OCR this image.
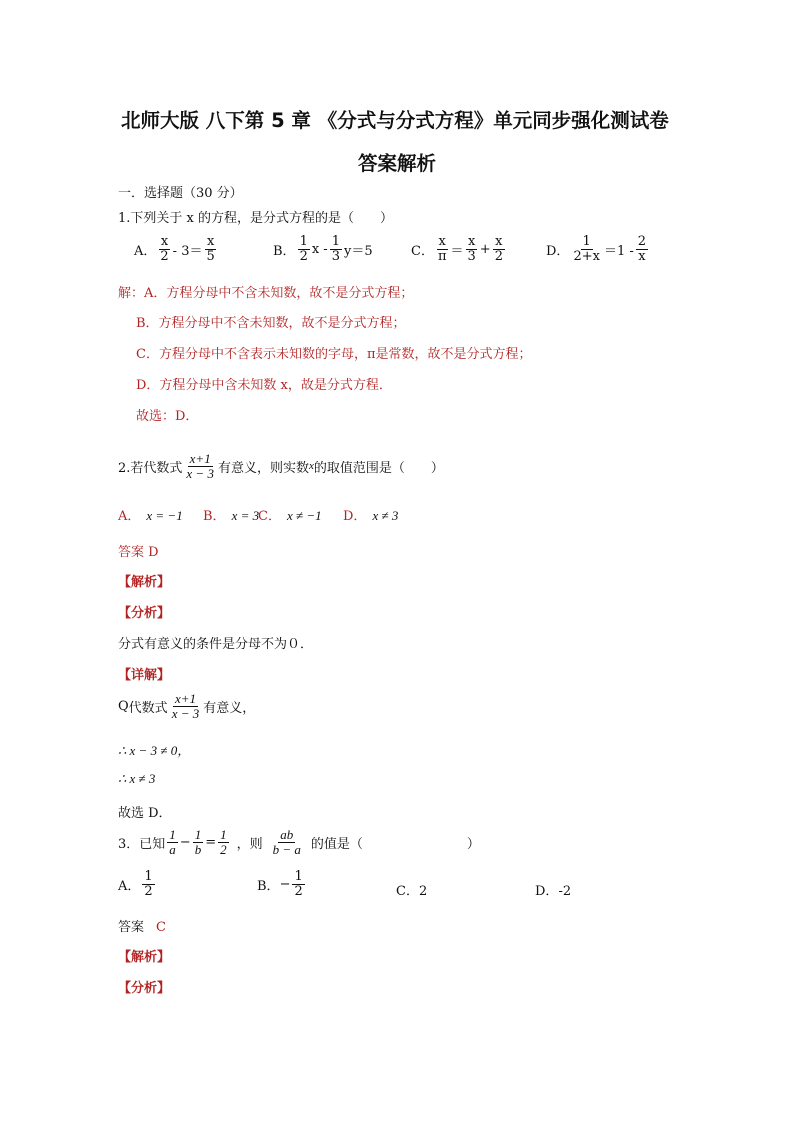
北师大版 八下第 5 章 《分式与分式方程》单元同步强化测试卷
答案解析
一．选择题（30 分）
1.下列关于 x 的方程，是分式方程的是（　　）
A． $\frac{x}{2} - 3= \frac{x}{5}$	B． $\frac{1}{2}$ $x - \frac{1}{3} y=5$	C． $\frac{x}{\pi} = \frac{x}{3} + \frac{x}{2}$	D． $\frac{1}{2+x} =1 - \frac{2}{x}$
解：A．方程分母中不含未知数，故不是分式方程；
B．方程分母中不含未知数，故不是分式方程；
C．方程分母中不含表示未知数的字母，π是常数，故不是分式方程；
D．方程分母中含未知数 x，故是分式方程．
故选：D．
2.若代数式 $\frac{x+1}{x - 3}$ 有意义，则实数 x 的取值范围是（　　）
A． x = −1 B． x = 3
C． x ≠ −1 D． x ≠ 3
答案 D
【解析】
【分析】
分式有意义的条件是分母不为０．
【详解】
Q 代数式 $\frac{x+1}{x - 3}$ 有意义，
∴ x − 3 ≠ 0，
∴ x ≠ 3
故选 D．
3．已知 $\frac{1}{a} - \frac{1}{b} = \frac{1}{2}$ ，则 $\frac{ab}{b - a}$ 的值是（　　　　　　　　）
A． $\frac{1}{2}$	B． − $\frac{1}{2}$	C．2	D．-2
答案 C
【解析】
【分析】
